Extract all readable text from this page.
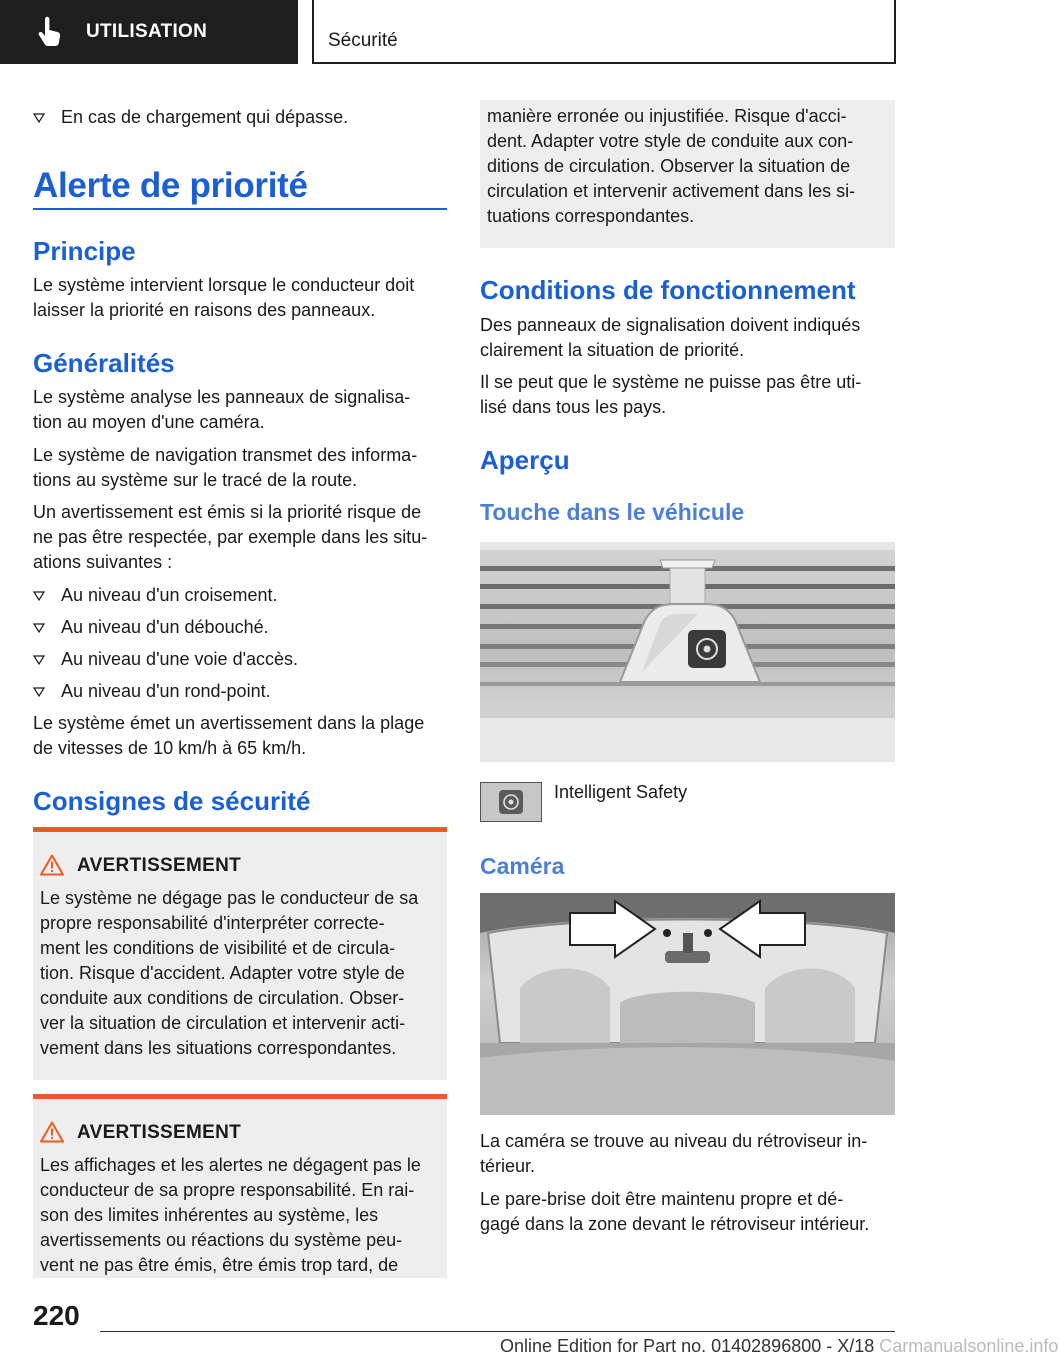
UTILISATION	Sécurité
En cas de chargement qui dépasse.
Alerte de priorité
Principe
Le système intervient lorsque le conducteur doit
laisser la priorité en raisons des panneaux.
Généralités
Le système analyse les panneaux de signalisa‐
tion au moyen d'une caméra.
Le système de navigation transmet des informa‐
tions au système sur le tracé de la route.
Un avertissement est émis si la priorité risque de
ne pas être respectée, par exemple dans les situ‐
ations suivantes :
Au niveau d'un croisement.
Au niveau d'un débouché.
Au niveau d'une voie d'accès.
Au niveau d'un rond-point.
Le système émet un avertissement dans la plage
de vitesses de 10 km/h à 65 km/h.
Consignes de sécurité
AVERTISSEMENT
Le système ne dégage pas le conducteur de sa
propre responsabilité d'interpréter correcte‐
ment les conditions de visibilité et de circula‐
tion. Risque d'accident. Adapter votre style de
conduite aux conditions de circulation. Obser‐
ver la situation de circulation et intervenir acti‐
vement dans les situations correspondantes.
AVERTISSEMENT
Les affichages et les alertes ne dégagent pas le
conducteur de sa propre responsabilité. En rai‐
son des limites inhérentes au système, les
avertissements ou réactions du système peu‐
vent ne pas être émis, être émis trop tard, de
manière erronée ou injustifiée. Risque d'acci‐
dent. Adapter votre style de conduite aux con‐
ditions de circulation. Observer la situation de
circulation et intervenir activement dans les si‐
tuations correspondantes.
Conditions de fonctionnement
Des panneaux de signalisation doivent indiqués
clairement la situation de priorité.
Il se peut que le système ne puisse pas être uti‐
lisé dans tous les pays.
Aperçu
Touche dans le véhicule
Intelligent Safety
Caméra
La caméra se trouve au niveau du rétroviseur in‐
térieur.
Le pare-brise doit être maintenu propre et dé‐
gagé dans la zone devant le rétroviseur intérieur.
220
Online Edition for Part no. 01402896800 - X/18 Carmanualsonline.info
